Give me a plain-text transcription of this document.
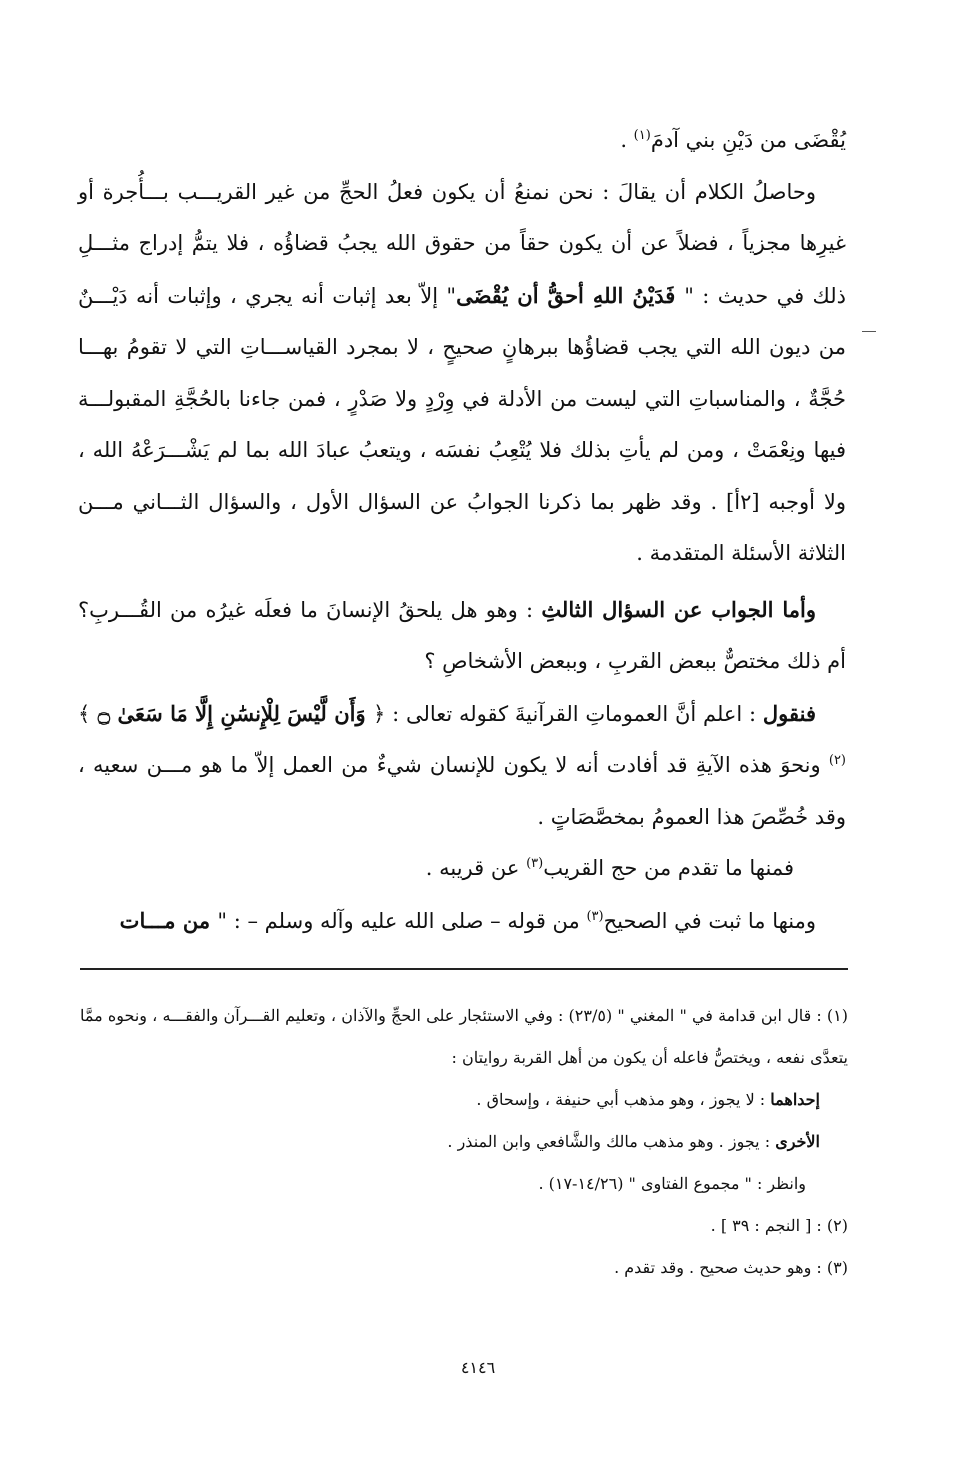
يُقْضَى من دَيْنِ بني آدمَ$^{(١)}$ .

وحاصلُ الكلام أن يقالَ : نحن نمنعُ أن يكون فعلُ الحجِّ من غير القريـــب بـــأُجرة أو غيرِها مجزياً ، فضلاً عن أن يكون حقاً من حقوق الله يجبُ قضاؤُه ، فلا يتمُّ إدراج مثـــلِ ذلك في حديث : " فَدَيْنُ اللهِ أحقُّ أن يُقْضَى" إلاّ بعد إثبات أنه يجري ، وإثبات أنه دَيْـــنٌ من ديون الله التي يجب قضاؤُها ببرهانٍ صحيحٍ ، لا بمجرد القياســـاتِ التي لا تقومُ بهـــا حُجَّةٌ ، والمناسباتِ التي ليست من الأدلة في وِرْدٍ ولا صَدْرٍ ، فمن جاءنا بالحُجَّةِ المقبولـــة فيها ونِعْمَتْ ، ومن لم يأتِ بذلك فلا يُتْعِبُ نفسَه ، ويتعبُ عبادَ الله بما لم يَشْـــرَعْهُ الله ، ولا أوجبه [٢أ] . وقد ظهر بما ذكرنا الجوابُ عن السؤال الأول ، والسؤال الثـــاني مـــن الثلاثة الأسئلة المتقدمة .

وأما الجواب عن السؤال الثالثِ : وهو هل يلحقُ الإنسانَ ما فعلَه غيرُه من القُـــربِ؟ أم ذلك مختصٌّ ببعض القربِ ، وببعض الأشخاصِ ؟

فنقول : اعلم أنَّ العموماتِ القرآنيةَ كقوله تعالى : ﴿ وَأَن لَّيْسَ لِلْإِنسَٰنِ إِلَّا مَا سَعَىٰ ۝ ﴾$^{(٢)}$ ونحوَ هذه الآيةِ قد أفادت أنه لا يكون للإنسان شيءٌ من العمل إلاّ ما هو مـــن سعيه ، وقد خُصِّصَ هذا العمومُ بمخصَّصَاتٍ .

فمنها ما تقدم من حج القريب$^{(٣)}$ عن قريبه .

ومنها ما ثبت في الصحيح$^{(٣)}$ من قوله – صلى الله عليه وآله وسلم – : " من مـــات

(١) : قال ابن قدامة في " المغني " (٢٣/٥) : وفي الاستئجار على الحجِّ والآذان ، وتعليم القـــرآن والفقـــه ، ونحوه ممَّا يتعدَّى نفعه ، ويختصُّ فاعله أن يكون من أهل القربة روايتان :

إحداهما : لا يجوز ، وهو مذهب أبي حنيفة ، وإسحاق .

الأخرى : يجوز . وهو مذهب مالك والشَّافعي وابن المنذر .

وانظر : " مجموع الفتاوى " (١٤/٢٦-١٧) .

(٢) : [ النجم : ٣٩ ] .

(٣) : وهو حديث صحيح . وقد تقدم .

٤١٤٦
